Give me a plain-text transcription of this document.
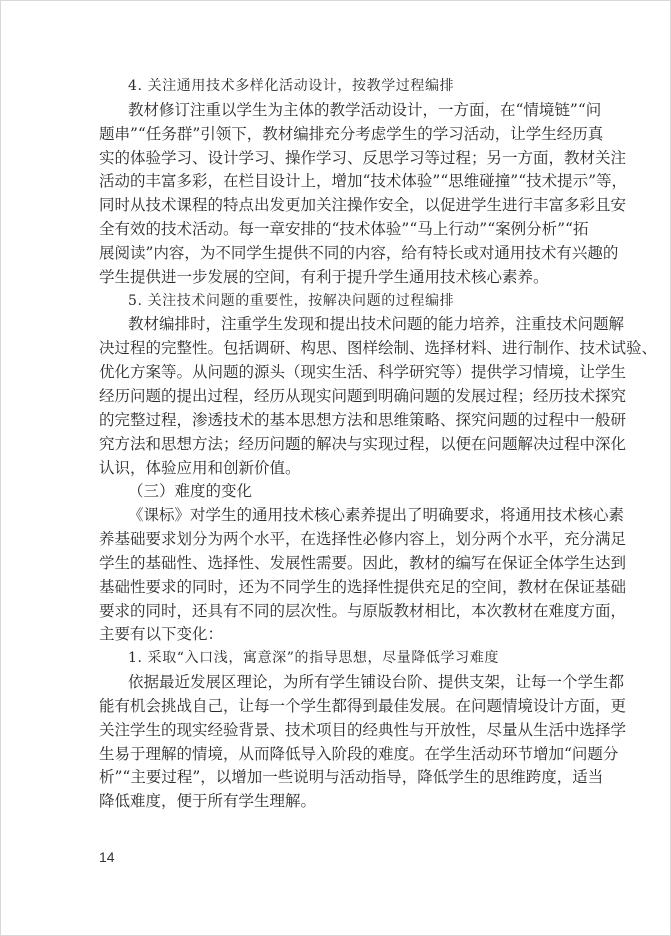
4. 关注通用技术多样化活动设计，按教学过程编排
教材修订注重以学生为主体的教学活动设计，一方面，在“情境链”“问
题串”“任务群”引领下，教材编排充分考虑学生的学习活动，让学生经历真
实的体验学习、设计学习、操作学习、反思学习等过程；另一方面，教材关注
活动的丰富多彩，在栏目设计上，增加“技术体验”“思维碰撞”“技术提示”等，
同时从技术课程的特点出发更加关注操作安全，以促进学生进行丰富多彩且安
全有效的技术活动。每一章安排的“技术体验”“马上行动”“案例分析”“拓
展阅读”内容，为不同学生提供不同的内容，给有特长或对通用技术有兴趣的
学生提供进一步发展的空间，有利于提升学生通用技术核心素养。
5. 关注技术问题的重要性，按解决问题的过程编排
教材编排时，注重学生发现和提出技术问题的能力培养，注重技术问题解
决过程的完整性。包括调研、构思、图样绘制、选择材料、进行制作、技术试验、
优化方案等。从问题的源头（现实生活、科学研究等）提供学习情境，让学生
经历问题的提出过程，经历从现实问题到明确问题的发展过程；经历技术探究
的完整过程，渗透技术的基本思想方法和思维策略、探究问题的过程中一般研
究方法和思想方法；经历问题的解决与实现过程，以便在问题解决过程中深化
认识，体验应用和创新价值。
（三）难度的变化
《课标》对学生的通用技术核心素养提出了明确要求，将通用技术核心素
养基础要求划分为两个水平，在选择性必修内容上，划分两个水平，充分满足
学生的基础性、选择性、发展性需要。因此，教材的编写在保证全体学生达到
基础性要求的同时，还为不同学生的选择性提供充足的空间，教材在保证基础
要求的同时，还具有不同的层次性。与原版教材相比，本次教材在难度方面，
主要有以下变化：
1. 采取“入口浅，寓意深”的指导思想，尽量降低学习难度
依据最近发展区理论，为所有学生铺设台阶、提供支架，让每一个学生都
能有机会挑战自己，让每一个学生都得到最佳发展。在问题情境设计方面，更
关注学生的现实经验背景、技术项目的经典性与开放性，尽量从生活中选择学
生易于理解的情境，从而降低导入阶段的难度。在学生活动环节增加“问题分
析”“主要过程”，以增加一些说明与活动指导，降低学生的思维跨度，适当
降低难度，便于所有学生理解。
14
